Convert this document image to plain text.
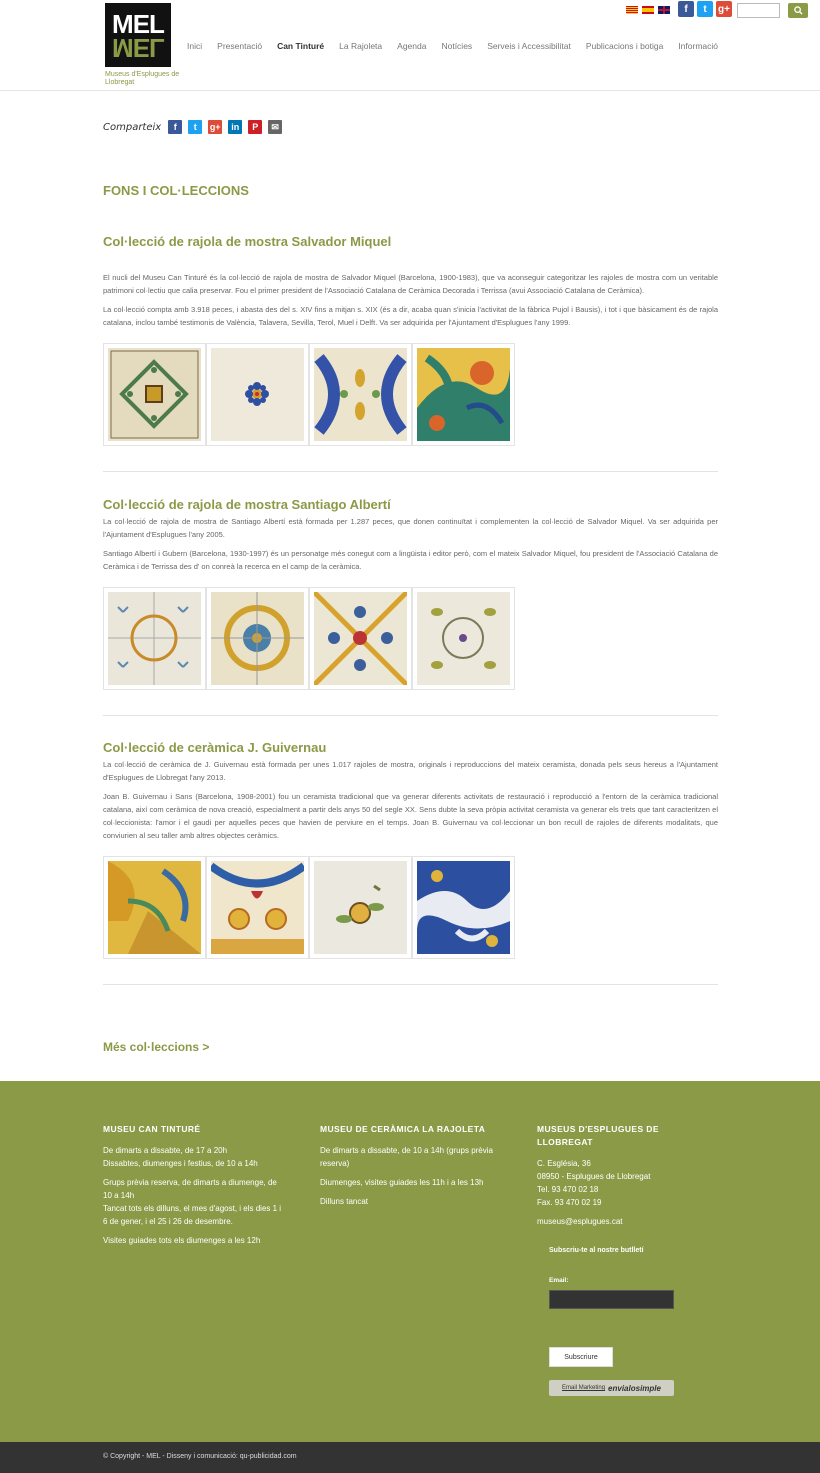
MEL
MEL
Museus d'Esplugues de Llobregat
f	t	g+
Inici Presentació Can Tinturé La Rajoleta Agenda Notícies Serveis i Accessibilitat Publicacions i botiga Informació
Comparteix	f	t	g+	in	P	✉
FONS I COL·LECCIONS
Col·lecció de rajola de mostra Salvador Miquel
El nucli del Museu Can Tinturé és la col·lecció de rajola de mostra de Salvador Miquel (Barcelona, 1900-1983), que va aconseguir categoritzar les rajoles de mostra com un veritable patrimoni col·lectiu que calia preservar. Fou el primer president de l'Associació Catalana de Ceràmica Decorada i Terrissa (avui Associació Catalana de Ceràmica).
La col·lecció compta amb 3.918 peces, i abasta des del s. XIV fins a mitjan s. XIX (és a dir, acaba quan s'inicia l'activitat de la fàbrica Pujol i Bausis), i tot i que bàsicament és de rajola catalana, inclou també testimonis de València, Talavera, Sevilla, Terol, Muel i Delft. Va ser adquirida per l'Ajuntament d'Esplugues l'any 1999.
Col·lecció de rajola de mostra Santiago Albertí
La col·lecció de rajola de mostra de Santiago Albertí està formada per 1.287 peces, que donen continuïtat i complementen la col·lecció de Salvador Miquel. Va ser adquirida per l'Ajuntament d'Esplugues l'any 2005.
Santiago Albertí i Gubern (Barcelona, 1930-1997) és un personatge més conegut com a lingüista i editor però, com el mateix Salvador Miquel, fou president de l'Associació Catalana de Ceràmica i de Terrissa des d' on conreà la recerca en el camp de la ceràmica.
Col·lecció de ceràmica J. Guivernau
La col·lecció de ceràmica de J. Guivernau està formada per unes 1.017 rajoles de mostra, originals i reproduccions del mateix ceramista, donada pels seus hereus a l'Ajuntament d'Esplugues de Llobregat l'any 2013.
Joan B. Guivernau i Sans (Barcelona, 1908-2001) fou un ceramista tradicional que va generar diferents activitats de restauració i reproducció a l'entorn de la ceràmica tradicional catalana, així com ceràmica de nova creació, especialment a partir dels anys 50 del segle XX. Sens dubte la seva pròpia activitat ceramista va generar els trets que tant caracteritzen el col·leccionista: l'amor i el gaudi per aquelles peces que havien de perviure en el temps. Joan B. Guivernau va col·leccionar un bon recull de rajoles de diferents modalitats, que conviurien al seu taller amb altres objectes ceràmics.
Més col·leccions >
MUSEU CAN TINTURÉ

De dimarts a dissabte, de 17 a 20h
Dissabtes, diumenges i festius, de 10 a 14h

Grups prèvia reserva, de dimarts a diumenge, de 10 a 14h
Tancat tots els dilluns, el mes d'agost, i els dies 1 i 6 de gener, i el 25 i 26 de desembre.

Visites guiades tots els diumenges a les 12h

MUSEU DE CERÀMICA LA RAJOLETA

De dimarts a dissabte, de 10 a 14h (grups prèvia reserva)

Diumenges, visites guiades les 11h i a les 13h

Dilluns tancat

MUSEUS D'ESPLUGUES DE LLOBREGAT

C. Església, 36
08950 - Esplugues de Llobregat
Tel. 93 470 02 18
Fax. 93 470 02 19

museus@esplugues.cat

Subscriu-te al nostre butlletí
Email:
Subscriure
Email Marketing envialosimple
© Copyright - MEL - Disseny i comunicació: qu-publicidad.com
